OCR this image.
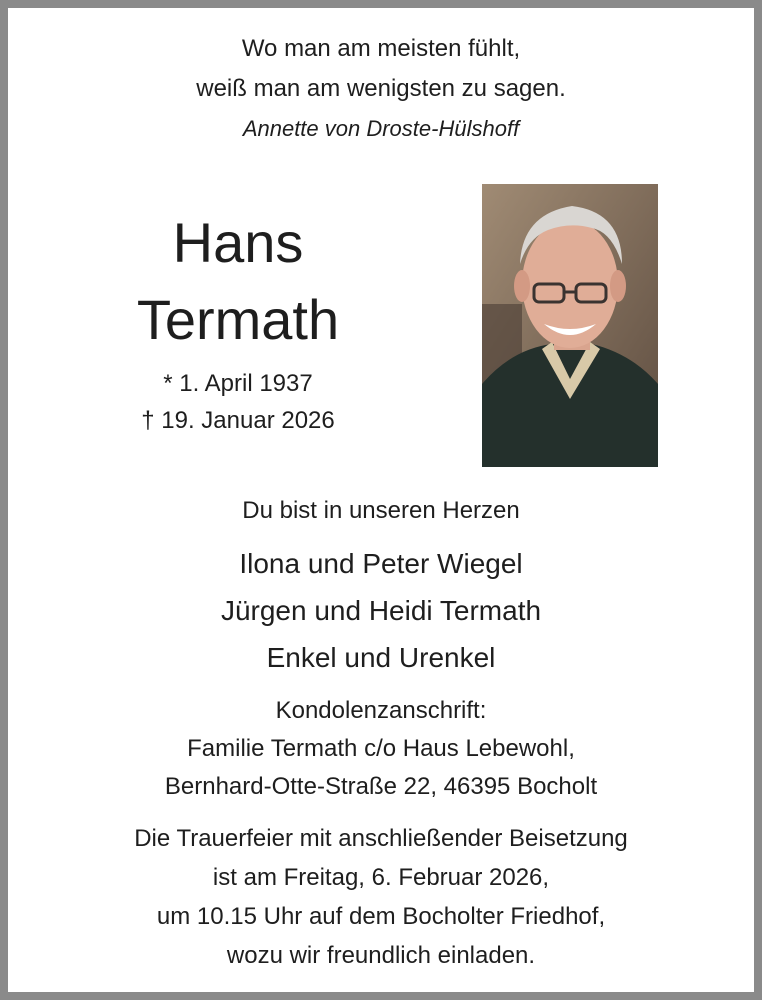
Wo man am meisten fühlt,
weiß man am wenigsten zu sagen.
Annette von Droste-Hülshoff
Hans
Termath
* 1. April 1937
† 19. Januar 2026
Du bist in unseren Herzen
Ilona und Peter Wiegel
Jürgen und Heidi Termath
Enkel und Urenkel
Kondolenzanschrift:
Familie Termath c/o Haus Lebewohl,
Bernhard-Otte-Straße 22, 46395 Bocholt
Die Trauerfeier mit anschließender Beisetzung
ist am Freitag, 6. Februar 2026,
um 10.15 Uhr auf dem Bocholter Friedhof,
wozu wir freundlich einladen.
